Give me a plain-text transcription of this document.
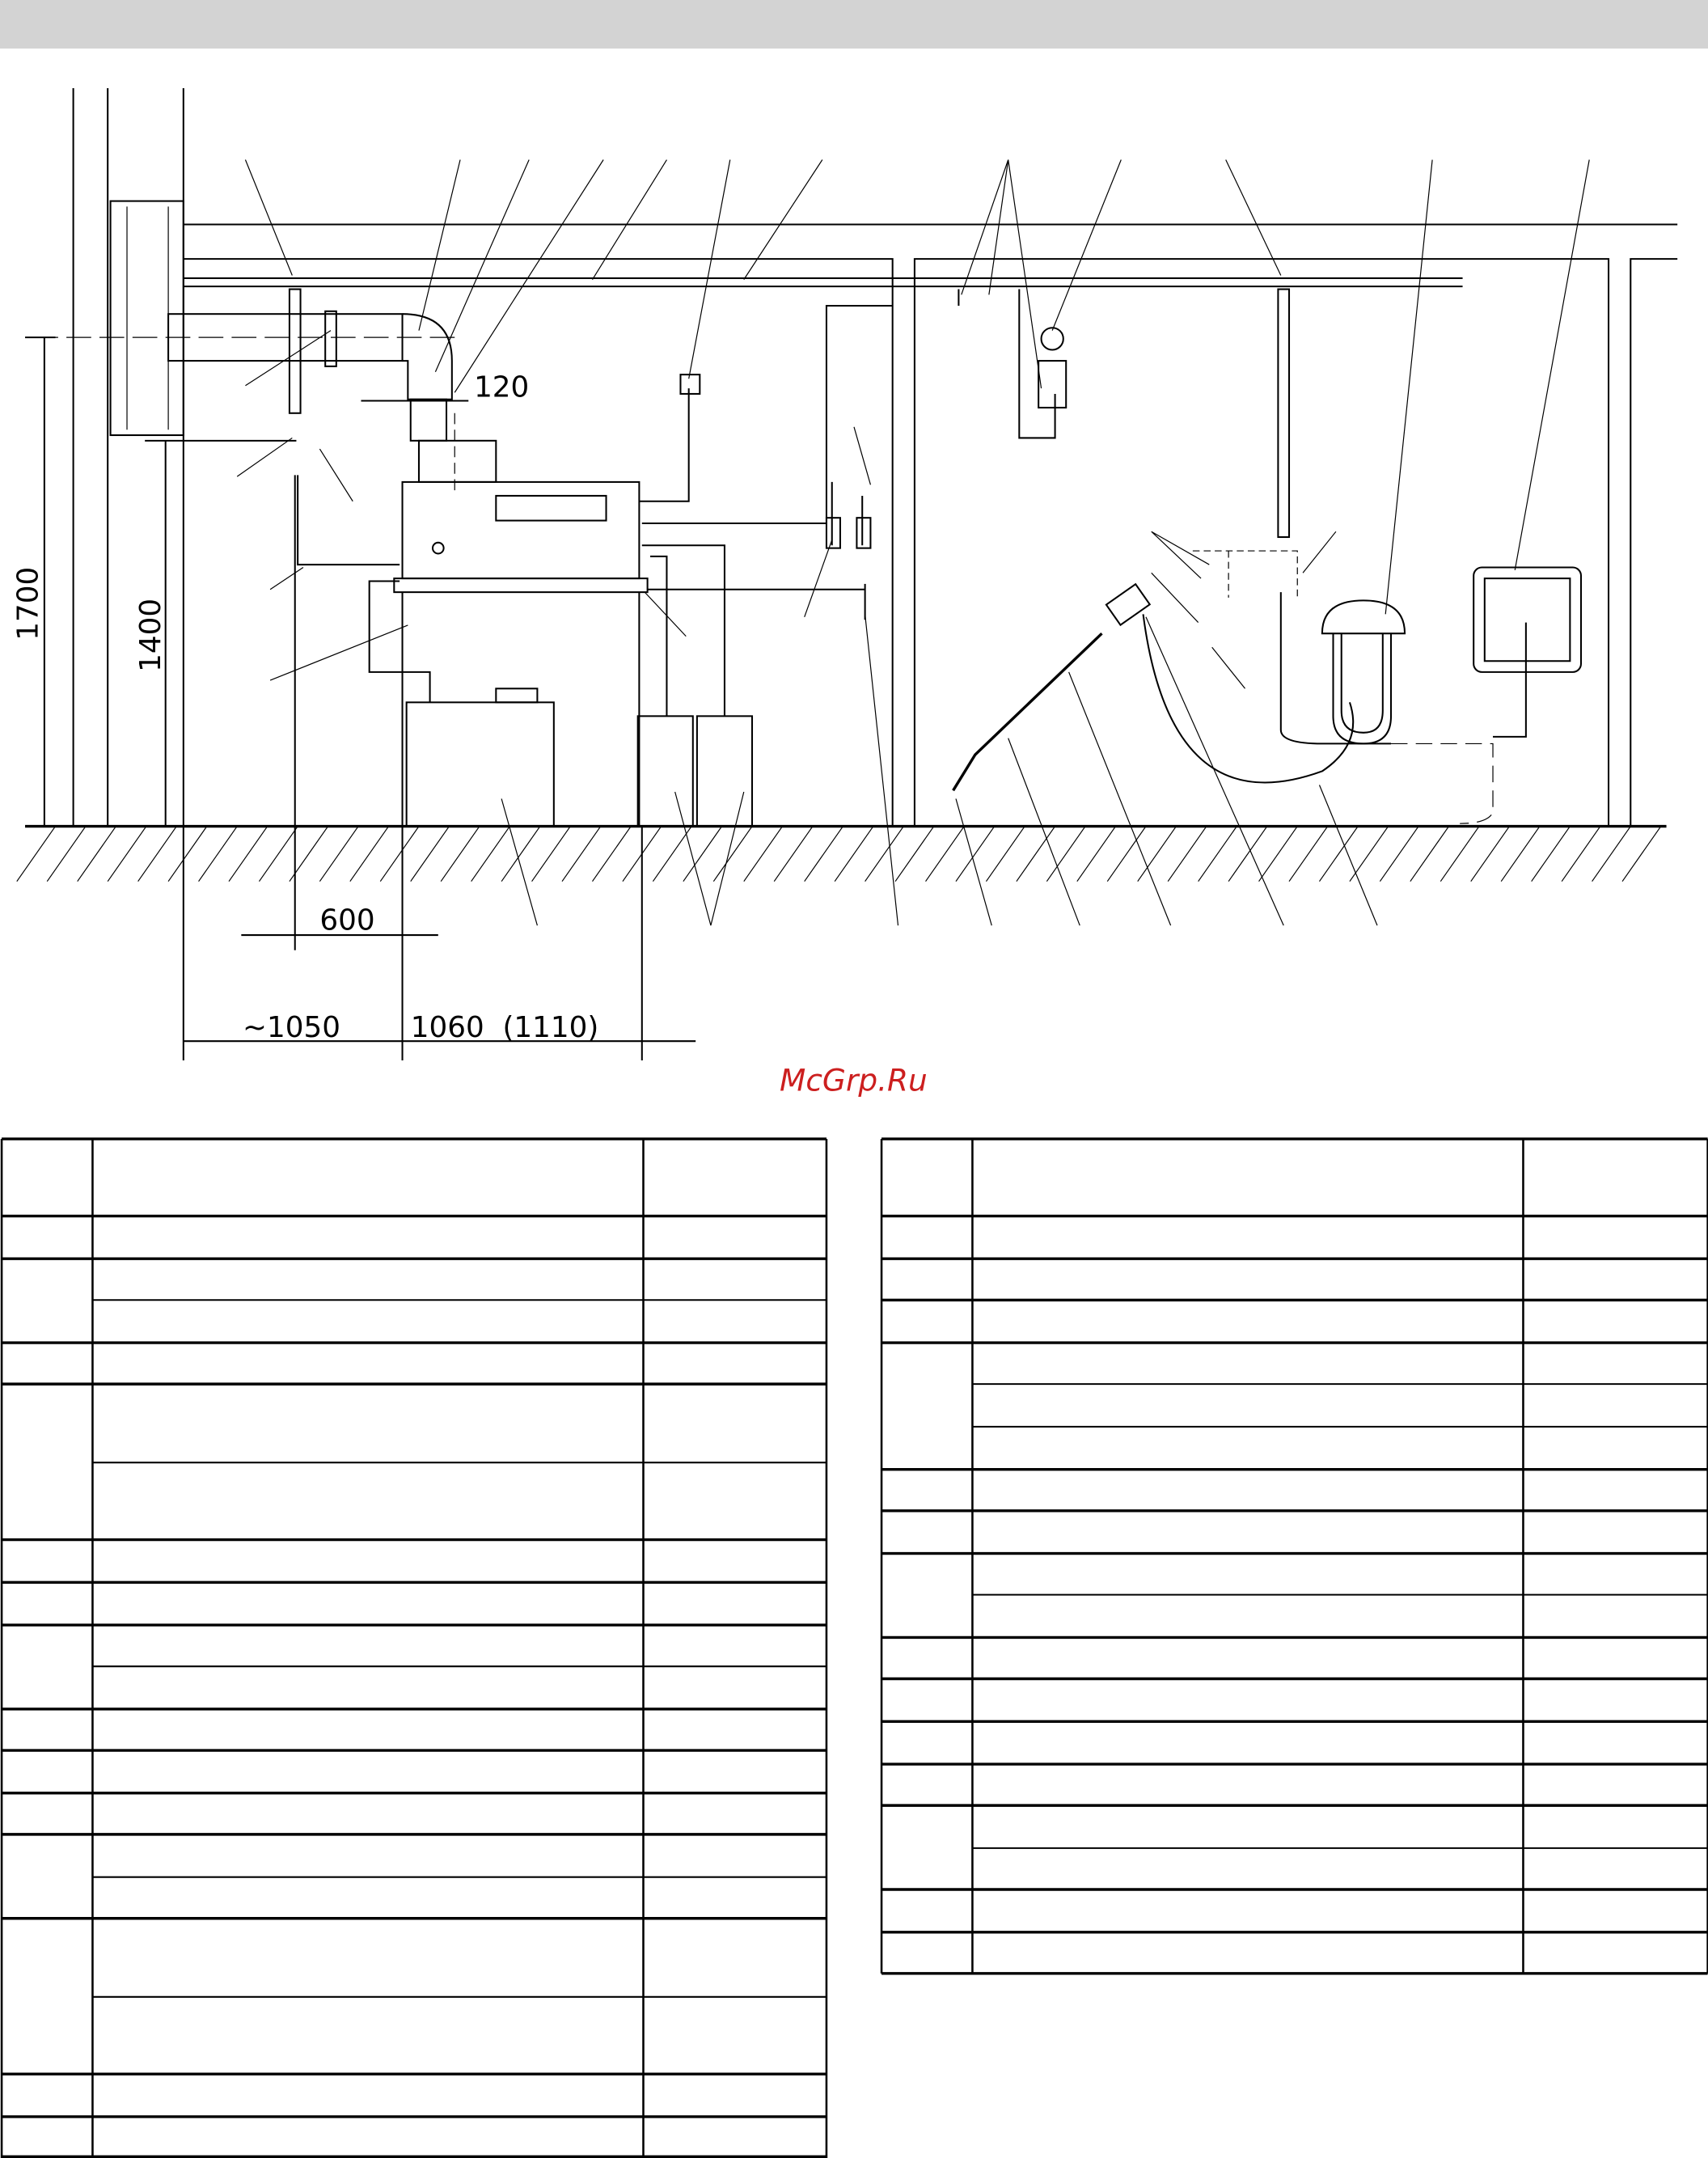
1700	1400
600
~1050	1060  (1110)
120
McGrp.Ru
